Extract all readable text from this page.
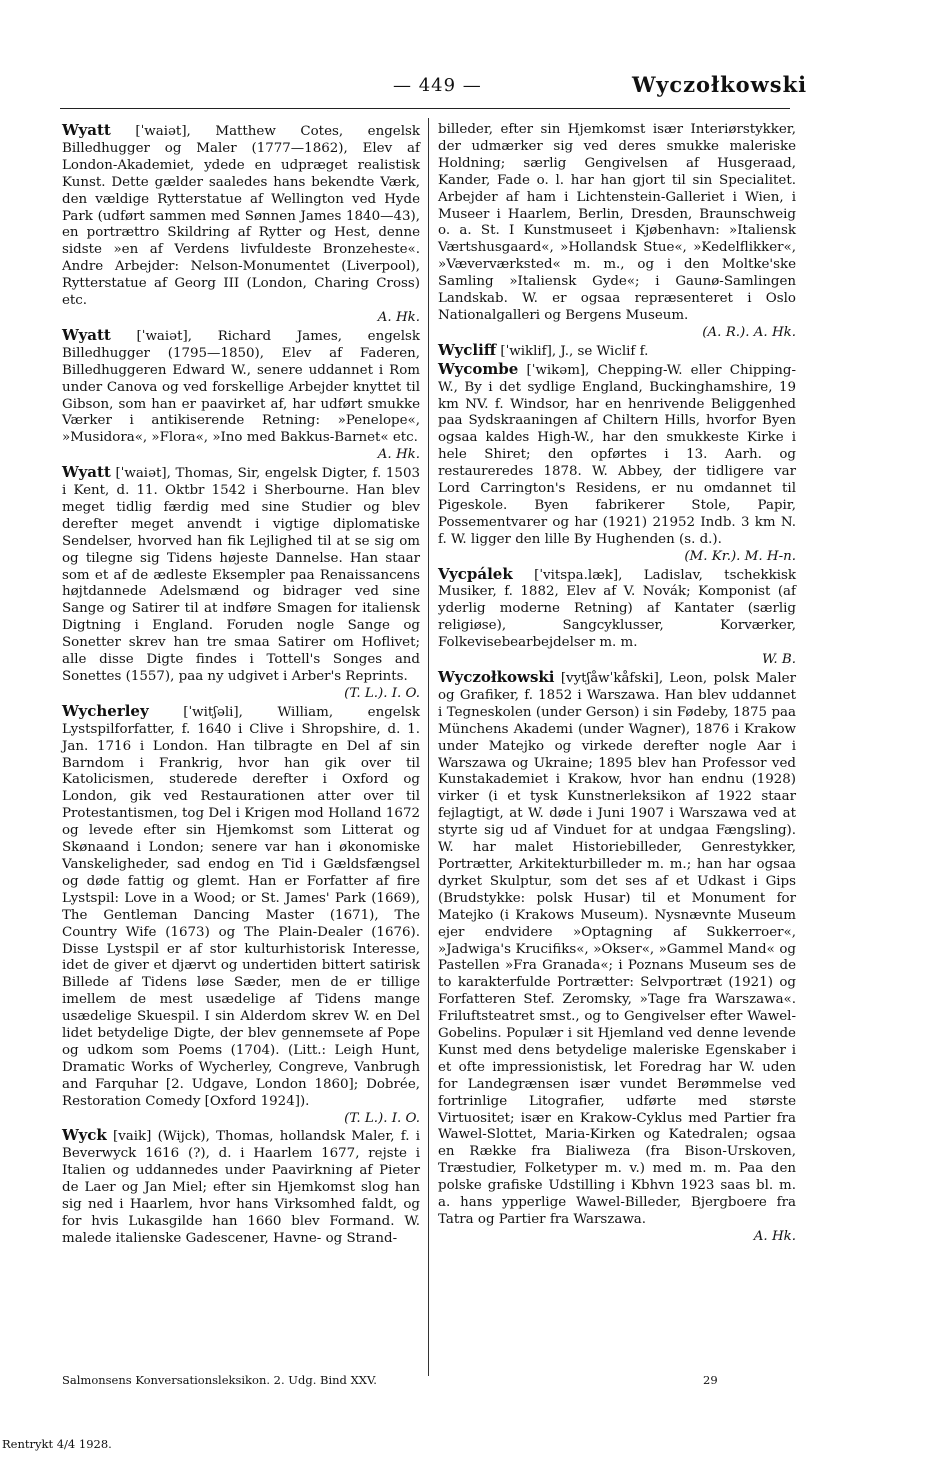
— 449 —	Wyczołkowski

Wyatt [ˈwaiət], Matthew Cotes, engelsk Billedhugger og Maler (1777—1862), Elev af London-Akademiet, ydede en udpræget realistisk Kunst. Dette gælder saaledes hans bekendte Værk, den vældige Rytterstatue af Wellington ved Hyde Park (udført sammen med Sønnen James 1840—43), en portrættro Skildring af Rytter og Hest, denne sidste »en af Verdens livfuldeste Bronzeheste«. Andre Arbejder: Nelson-Monumentet (Liverpool), Rytterstatue af Georg III (London, Charing Cross) etc.
A. Hk.

Wyatt [ˈwaiət], Richard James, engelsk Billedhugger (1795—1850), Elev af Faderen, Billedhuggeren Edward W., senere uddannet i Rom under Canova og ved forskellige Arbejder knyttet til Gibson, som han er paavirket af, har udført smukke Værker i antikiserende Retning: »Penelope«, »Musidora«, »Flora«, »Ino med Bakkus-Barnet« etc.
A. Hk.

Wyatt [ˈwaiət], Thomas, Sir, engelsk Digter, f. 1503 i Kent, d. 11. Oktbr 1542 i Sherbourne. Han blev meget tidlig færdig med sine Studier og blev derefter meget anvendt i vigtige diplomatiske Sendelser, hvorved han fik Lejlighed til at se sig om og tilegne sig Tidens højeste Dannelse. Han staar som et af de ædleste Eksempler paa Renaissancens højtdannede Adelsmænd og bidrager ved sine Sange og Satirer til at indføre Smagen for italiensk Digtning i England. Foruden nogle Sange og Sonetter skrev han tre smaa Satirer om Hoflivet; alle disse Digte findes i Tottell's Songes and Sonettes (1557), paa ny udgivet i Arber's Reprints.
(T. L.). I. O.

Wycherley	[ˈwitʃəli], William, engelsk Lystspilforfatter, f. 1640 i Clive i Shropshire, d. 1. Jan. 1716 i London. Han tilbragte en Del af sin Barndom i Frankrig, hvor han gik over til Katolicismen, studerede derefter i Oxford og London, gik ved Restaurationen atter over til Protestantismen, tog Del i Krigen mod Holland 1672 og levede efter sin Hjemkomst som Litterat og Skønaand i London; senere var han i økonomiske Vanskeligheder, sad endog en Tid i Gældsfængsel og døde fattig og glemt. Han er Forfatter af fire Lystspil: Love in a Wood; or St. James' Park (1669), The Gentleman Dancing Master (1671), The Country Wife (1673) og The Plain-Dealer (1676). Disse Lystspil er af stor kulturhistorisk Interesse, idet de giver et djærvt og undertiden bittert satirisk Billede af Tidens løse Sæder, men de er tillige imellem de mest usædelige af Tidens mange usædelige Skuespil. I sin Alderdom skrev W. en Del lidet betydelige Digte, der blev gennemsete af Pope og udkom som Poems (1704). (Litt.: Leigh Hunt, Dramatic Works of Wycherley, Congreve, Vanbrugh and Farquhar [2. Udgave, London 1860]; Dobrée, Restoration Comedy [Oxford 1924]).
(T. L.). I. O.

Wyck [vaik] (Wijck), Thomas, hollandsk Maler, f. i Beverwyck 1616 (?), d. i Haarlem 1677, rejste i Italien og uddannedes under Paavirkning af Pieter de Laer og Jan Miel; efter sin Hjemkomst slog han sig ned i Haarlem, hvor hans Virksomhed faldt, og for hvis Lukasgilde han 1660 blev Formand. W. malede italienske Gadescener, Havne- og Strand-

billeder, efter sin Hjemkomst især Interiørstykker, der udmærker sig ved deres smukke maleriske Holdning; særlig Gengivelsen af Husgeraad, Kander, Fade o. l. har han gjort til sin Specialitet. Arbejder af ham i Lichtenstein-Galleriet i Wien, i Museer i Haarlem, Berlin, Dresden, Braunschweig o. a. St. I Kunstmuseet i Kjøbenhavn: »Italiensk Værtshusgaard«, »Hollandsk Stue«, »Kedelflikker«, »Væverværksted« m. m., og i den Moltke'ske Samling »Italiensk Gyde«; i Gaunø-Samlingen Landskab. W. er ogsaa repræsenteret i Oslo Nationalgalleri og Bergens Museum.
(A. R.). A. Hk.

Wycliff [ˈwiklif], J., se Wiclif f.

Wycombe [ˈwikəm], Chepping-W. eller Chipping-W., By i det sydlige England, Buckinghamshire, 19 km NV. f. Windsor, har en henrivende Beliggenhed paa Sydskraaningen af Chiltern Hills, hvorfor Byen ogsaa kaldes High-W., har den smukkeste Kirke i hele Shiret; den opførtes i 13. Aarh. og restaureredes 1878. W. Abbey, der tidligere var Lord Carrington's Residens, er nu omdannet til Pigeskole. Byen fabrikerer Stole, Papir, Possementvarer og har (1921) 21952 Indb. 3 km N. f. W. ligger den lille By Hughenden (s. d.).
(M. Kr.). M. H-n.

Vycpálek [ˈvitspa.læk], Ladislav, tschekkisk Musiker, f. 1882, Elev af V. Novák; Komponist (af yderlig moderne Retning) af Kantater (særlig religiøse), Sangcyklusser, Korværker, Folkevisebearbejdelser m. m.
W. B.

Wyczołkowski [vytʃåwˈkåfski], Leon, polsk Maler og Grafiker, f. 1852 i Warszawa. Han blev uddannet i Tegneskolen (under Gerson) i sin Fødeby, 1875 paa Münchens Akademi (under Wagner), 1876 i Krakow under Matejko og virkede derefter nogle Aar i Warszawa og Ukraine; 1895 blev han Professor ved Kunstakademiet i Krakow, hvor han endnu (1928) virker (i et tysk Kunstnerleksikon af 1922 staar fejlagtigt, at W. døde i Juni 1907 i Warszawa ved at styrte sig ud af Vinduet for at undgaa Fængsling). W. har malet Historiebilleder, Genrestykker, Portrætter, Arkitekturbilleder m. m.; han har ogsaa dyrket Skulptur, som det ses af et Udkast i Gips (Brudstykke: polsk Husar) til et Monument for Matejko (i Krakows Museum). Nysnævnte Museum ejer endvidere »Optagning af Sukkerroer«, »Jadwiga's Krucifiks«, »Okser«, »Gammel Mand« og Pastellen »Fra Granada«; i Poznans Museum ses de to karakterfulde Portrætter: Selvportræt (1921) og Forfatteren Stef. Zeromsky, »Tage fra Warszawa«. Friluftsteatret smst., og to Gengivelser efter Wawel-Gobelins. Populær i sit Hjemland ved denne levende Kunst med dens betydelige maleriske Egenskaber i et ofte impressionistisk, let Foredrag har W. uden for Landegrænsen især vundet Berømmelse ved fortrinlige Litografier, udførte med største Virtuositet; især en Krakow-Cyklus med Partier fra Wawel-Slottet, Maria-Kirken og Katedralen; ogsaa en Række fra Bialiweza (fra Bison-Urskoven, Træstudier, Folketyper m. v.) med m. m. Paa den polske grafiske Udstilling i Kbhvn 1923 saas bl. m. a. hans ypperlige Wawel-Billeder, Bjergboere fra Tatra og Partier fra Warszawa.
A. Hk.

Salmonsens Konversationsleksikon. 2. Udg. Bind XXV.	29
Rentrykt 4/4 1928.
